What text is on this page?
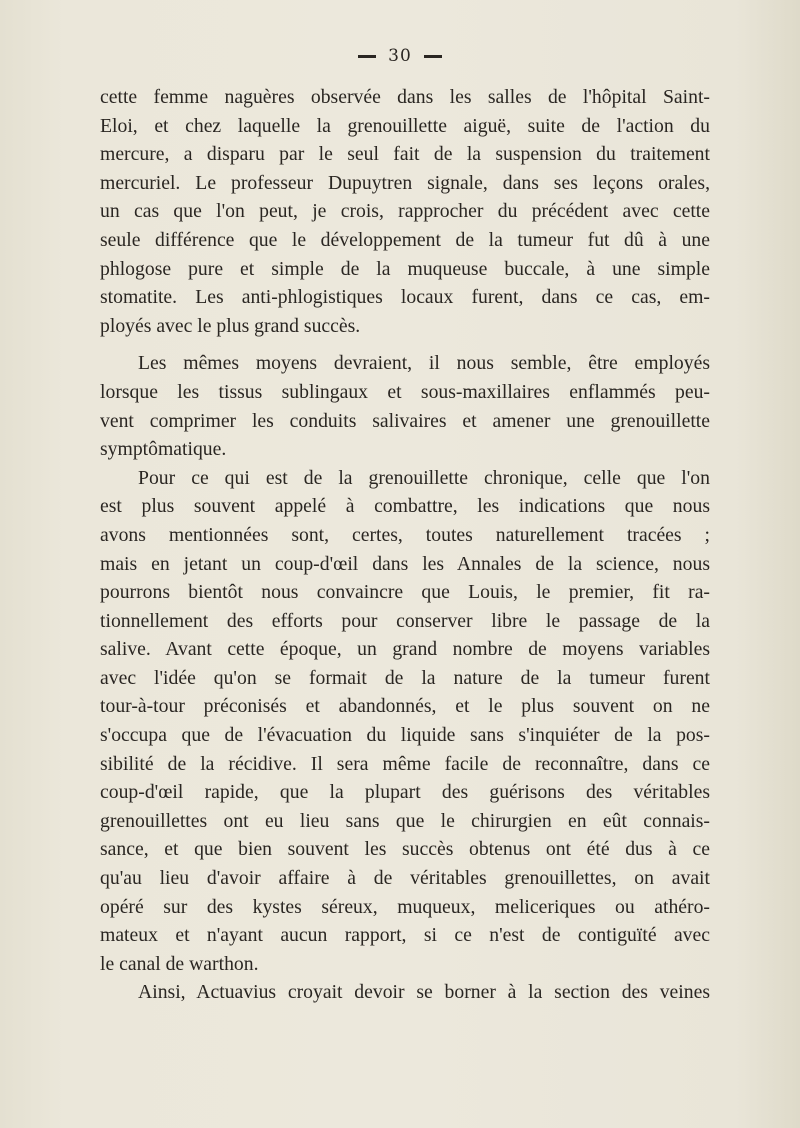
30
cette femme naguères observée dans les salles de l'hôpital Saint-
Eloi, et chez laquelle la grenouillette aiguë, suite de l'action du
mercure, a disparu par le seul fait de la suspension du traitement
mercuriel. Le professeur Dupuytren signale, dans ses leçons orales,
un cas que l'on peut, je crois, rapprocher du précédent avec cette
seule différence que le développement de la tumeur fut dû à une
phlogose pure et simple de la muqueuse buccale, à une simple
stomatite. Les anti-phlogistiques locaux furent, dans ce cas, em-
ployés avec le plus grand succès.
Les mêmes moyens devraient, il nous semble, être employés
lorsque les tissus sublingaux et sous-maxillaires enflammés peu-
vent comprimer les conduits salivaires et amener une grenouillette
symptômatique.
Pour ce qui est de la grenouillette chronique, celle que l'on
est plus souvent appelé à combattre, les indications que nous
avons mentionnées sont, certes, toutes naturellement tracées ;
mais en jetant un coup-d'œil dans les Annales de la science, nous
pourrons bientôt nous convaincre que Louis, le premier, fit ra-
tionnellement des efforts pour conserver libre le passage de la
salive. Avant cette époque, un grand nombre de moyens variables
avec l'idée qu'on se formait de la nature de la tumeur furent
tour-à-tour préconisés et abandonnés, et le plus souvent on ne
s'occupa que de l'évacuation du liquide sans s'inquiéter de la pos-
sibilité de la récidive. Il sera même facile de reconnaître, dans ce
coup-d'œil rapide, que la plupart des guérisons des véritables
grenouillettes ont eu lieu sans que le chirurgien en eût connais-
sance, et que bien souvent les succès obtenus ont été dus à ce
qu'au lieu d'avoir affaire à de véritables grenouillettes, on avait
opéré sur des kystes séreux, muqueux, meliceriques ou athéro-
mateux et n'ayant aucun rapport, si ce n'est de contiguïté avec
le canal de warthon.
Ainsi, Actuavius croyait devoir se borner à la section des veines
